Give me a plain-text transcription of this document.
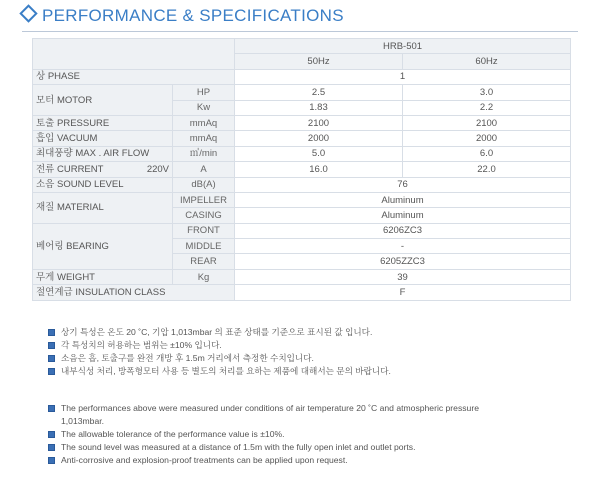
PERFORMANCE & SPECIFICATIONS
		HRB-501	
		50Hz	60Hz
상 PHASE		1	
모터 MOTOR	HP	2.5	3.0
	Kw	1.83	2.2
토출 PRESSURE	mmAq	2100	2100
흡입 VACUUM	mmAq	2000	2000
최대풍량 MAX . AIR FLOW	㎥/min	5.0	6.0
전류 CURRENT 220V	A	16.0	22.0
소음 SOUND LEVEL	dB(A)	76	
재질 MATERIAL	IMPELLER	Aluminum	
	CASING	Aluminum	
베어링 BEARING	FRONT	6206ZC3	
	MIDDLE	-	
	REAR	6205ZZC3	
무게 WEIGHT	Kg	39	
절연계급 INSULATION CLASS		F	
상기 특성은 온도 20 ˚C, 기압 1,013mbar 의 표준 상태를 기준으로 표시된 값 입니다.
각 특성치의 허용하는 범위는 ±10% 입니다.
소음은 흡, 토출구를 완전 개방 후 1.5m 거리에서 측정한 수치입니다.
내부식성 처리, 방폭형모터 사용 등 별도의 처리를 요하는 제품에 대해서는 문의 바랍니다.
The performances above were measured under conditions of air temperature 20 ˚C and atmospheric pressure 1,013mbar.
The allowable tolerance of the performance value is ±10%.
The sound level was measured at a distance of 1.5m with the fully open inlet and outlet ports.
Anti-corrosive and explosion-proof treatments can be applied upon request.
